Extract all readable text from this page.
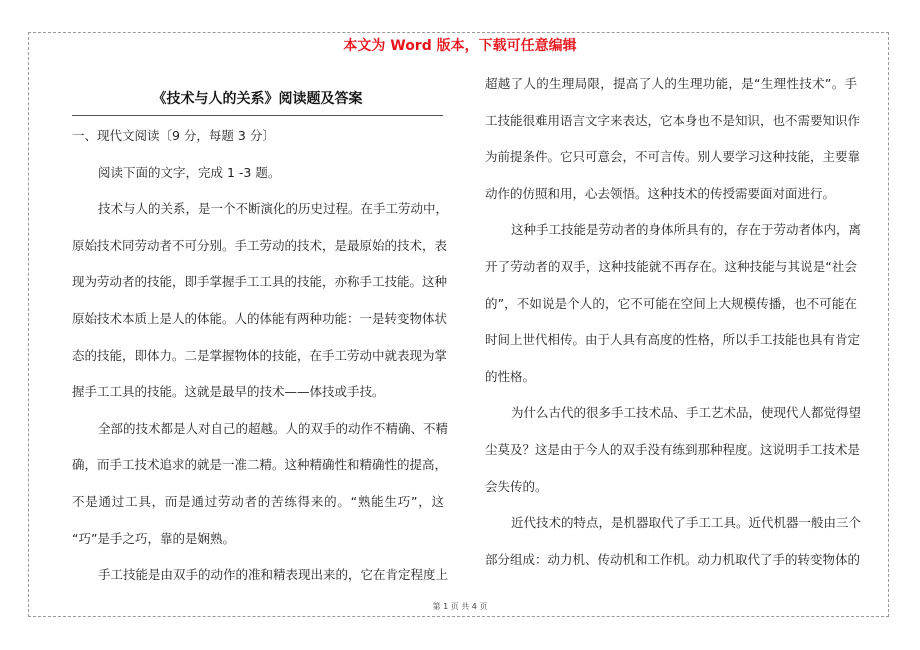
本文为 Word 版本，下载可任意编辑
《技术与人的关系》阅读题及答案
一、现代文阅读〔9 分，每题 3 分〕
阅读下面的文字，完成 1 -3 题。
技术与人的关系，是一个不断演化的历史过程。在手工劳动中，
原始技术同劳动者不可分别。手工劳动的技术，是最原始的技术，表
现为劳动者的技能，即手掌握手工工具的技能，亦称手工技能。这种
原始技术本质上是人的体能。人的体能有两种功能：一是转变物体状
态的技能，即体力。二是掌握物体的技能，在手工劳动中就表现为掌
握手工工具的技能。这就是最早的技术——体技或手技。
全部的技术都是人对自己的超越。人的双手的动作不精确、不精
确，而手工技术追求的就是一准二精。这种精确性和精确性的提高，
不是通过工具，而是通过劳动者的苦练得来的。“熟能生巧”，这
“巧”是手之巧，靠的是娴熟。
手工技能是由双手的动作的准和精表现出来的，它在肯定程度上
超越了人的生理局限，提高了人的生理功能，是“生理性技术”。手
工技能很难用语言文字来表达，它本身也不是知识，也不需要知识作
为前提条件。它只可意会，不可言传。别人要学习这种技能，主要靠
动作的仿照和用，心去领悟。这种技术的传授需要面对面进行。
这种手工技能是劳动者的身体所具有的，存在于劳动者体内，离
开了劳动者的双手，这种技能就不再存在。这种技能与其说是“社会
的”，不如说是个人的，它不可能在空间上大规模传播，也不可能在
时间上世代相传。由于人具有高度的性格，所以手工技能也具有肯定
的性格。
为什么古代的很多手工技术品、手工艺术品，使现代人都觉得望
尘莫及？这是由于今人的双手没有练到那种程度。这说明手工技术是
会失传的。
近代技术的特点，是机器取代了手工工具。近代机器一般由三个
部分组成：动力机、传动机和工作机。动力机取代了手的转变物体的
第 1 页 共 4 页
